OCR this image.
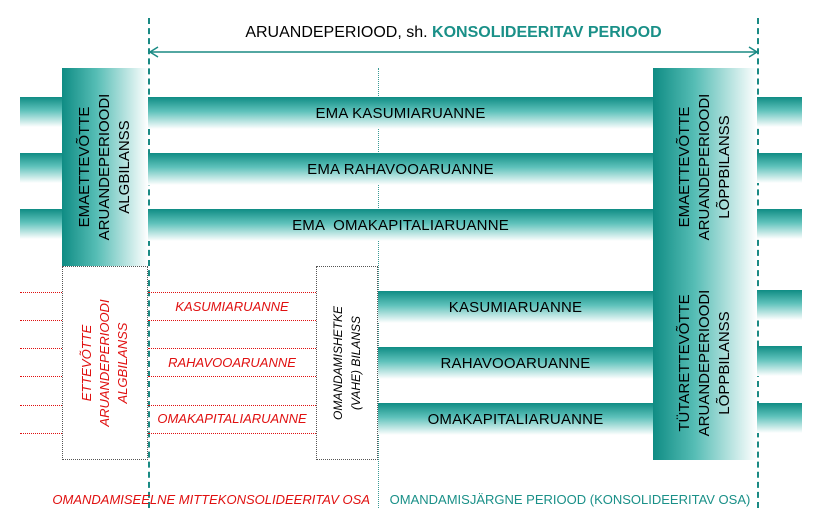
ARUANDEPERIOOD, sh. KONSOLIDEERITAV PERIOOD
EMA KASUMIARUANNE
EMA RAHAVOOARUANNE
EMA  OMAKAPITALIARUANNE
EMAETTEVÕTTE ARUANDEPERIOODI ALGBILANSS	EMAETTEVÕTTE ARUANDEPERIOODI LÕPPBILANSS
ETTEVÕTTE ARUANDEPERIOODI ALGBILANSS
KASUMIARUANNE
RAHAVOOARUANNE
OMAKAPITALIARUANNE	OMANDAMISHETKE (VAHE) BILANSS
KASUMIARUANNE
RAHAVOOARUANNE
OMAKAPITALIARUANNE	TÜTARETTEVÕTTE ARUANDEPERIOODI LÕPPBILANSS
OMANDAMISEELNE MITTEKONSOLIDEERITAV OSA	OMANDAMISJÄRGNE PERIOOD (KONSOLIDEERITAV OSA)
